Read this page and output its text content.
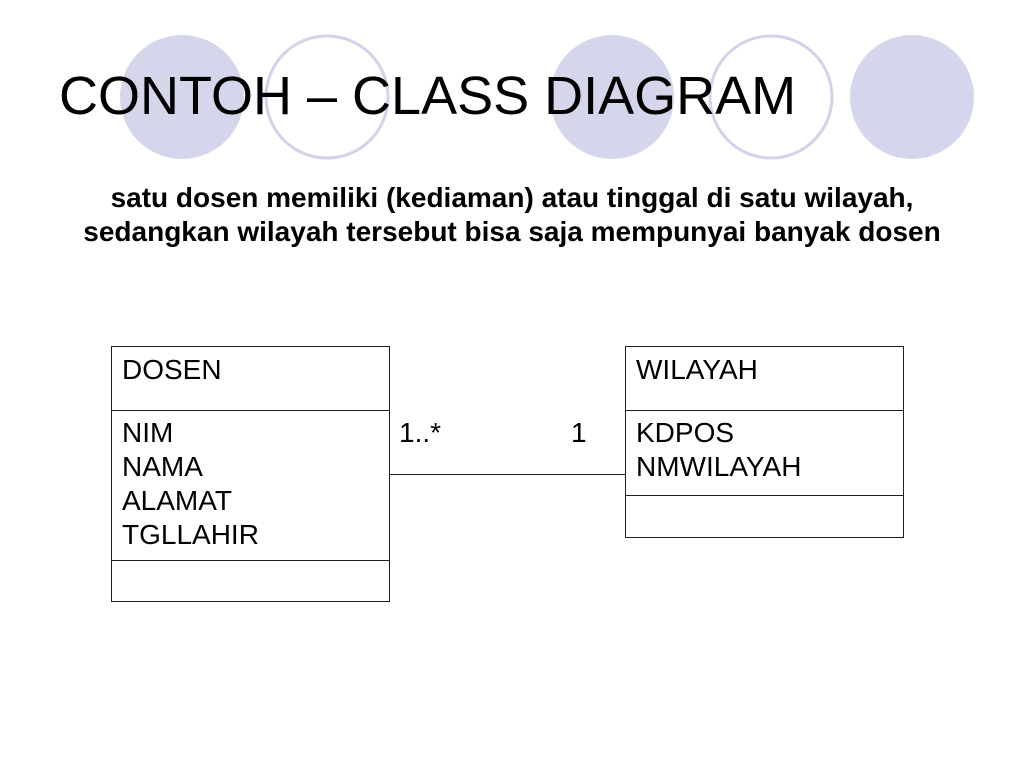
CONTOH – CLASS DIAGRAM
satu dosen memiliki (kediaman) atau tinggal di satu wilayah,
sedangkan wilayah tersebut bisa saja mempunyai banyak dosen
DOSEN
NIM
NAMA
ALAMAT
TGLLAHIR
1..*	1
WILAYAH
KDPOS
NMWILAYAH
